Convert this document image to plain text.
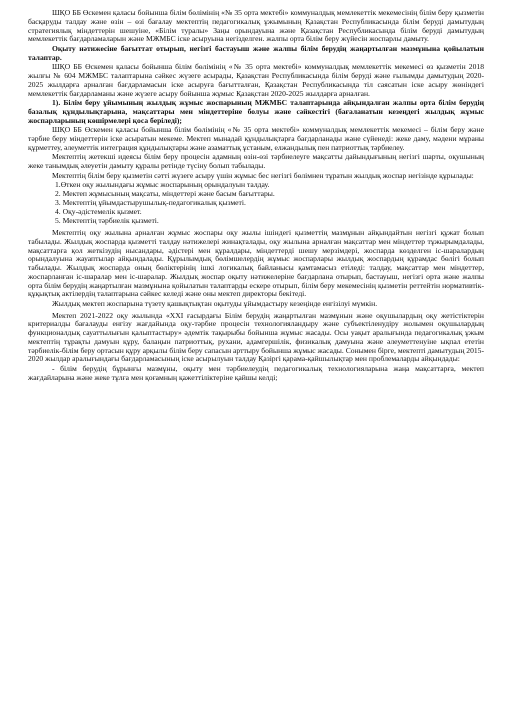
ШҚО ББ Өскемен қаласы бойынша білім бөлімінің «№ 35 орта мектебі» коммуналдық мемлекеттік мекемесінің білім беру қызметін басқаруды талдау және өзін – өзі бағалау мектептің педагогикалық ұжымының Қазақстан Республикасында білім беруді дамытудың стратегиялық міндеттерін шешуіне, «Білім туралы» Заңы орындауына және Қазақстан Республикасында білім беруді дамытудың мемлекеттік бағдарламаларын және МЖМБС іске асыруына негізделген. жалпы орта білім беру жүйесін жоспарлы дамыту.

Оқыту нәтижесіне бағыттат отырып, негізгі бастауыш және жалпы білім берудің жаңартылған мазмұнына қойылатын талаптар.

ШҚО ББ Өскемен қаласы бойынша білім бөлімінің «№ 35 орта мектебі» коммуналдық мемлекеттік мекемесі өз қызметін 2018 жылғы № 604 МЖМБС талаптарына сәйкес жүзеге асырады, Қазақстан Республикасында білім беруді және ғылымды дамытудың 2020-2025 жылдарға арналған бағдарламасын іске асыруға бағытталған, Қазақстан Республикасында тіл саясатын іске асыру жөніндегі мемлекеттік бағдарламаны және жүзеге асыру бойынша жұмыс Қазақстан 2020-2025 жылдарға арналған.

1). Білім беру ұйымының жылдық жұмыс жоспарының МЖМБС талаптарында айқындалған жалпы орта білім берудің базалық құндылықтарына, мақсаттары мен міндеттеріне болуы және сәйкестігі (бағаланатын кезеңдегі жылдық жұмыс жоспарларының көшірмелері қоса беріледі);

ШҚО ББ Өскемен қаласы бойынша білім бөлімінің «№ 35 орта мектебі» коммуналдық мемлекеттік мекемесі – білім беру және тәрбие беру міндеттерін іске асыратын мекеме. Мектеп мынадай құндылықтарға бағдарланады және сүйенеді: жеке даму, мәдени мұраны құрметтеу, әлеуметтік интеграция құндылықтары және азаматтық ұстаным, елжандылық пен патриоттық тәрбиелеу.

Мектептің жетекші идеясы білім беру процесін адамның өзін-өзі тәрбиелеуге мақсатты дайындығының негізгі шарты, оқушының жеке танымдық әлеуетін дамыту құралы ретінде түсіну болып табылады.

Мектептің білім беру қызметін сәтті жүзеге асыру үшін жұмыс бес негізгі бөлімнен тұратын жылдық жоспар негізінде құрылады:

1.Өткен оқу жылындағы жұмыс жоспарының орындалуын талдау.

2. Мектеп жұмысының мақсаты, міндеттері және басым бағыттары.

3. Мектептің ұйымдастырушылық-педагогикалық қызметі.

4. Оқу-әдістемелік қызмет.

5. Мектептің тәрбиелік қызметі.

Мектептің оқу жылына арналған жұмыс жоспары оқу жылы ішіндегі қызметтің мазмұнын айқындайтын негізгі құжат болып табылады. Жылдық жоспарда қызметті талдау нәтижелері жинақталады, оқу жылына арналған мақсаттар мен міндеттер тұжырымдалады, мақсаттарға қол жеткізудің нысандары, әдістері мен құралдары, міндеттерді шешу мерзімдері, жоспарда көзделген іс-шаралардың орындалуына жауаптылар айқындалады. Құрылымдық бөлімшелердің жұмыс жоспарлары жылдық жоспардың құрамдас бөлігі болып табылады. Жылдық жоспарда оның бөліктерінің ішкі логикалық байланысы қамтамасыз етіледі: талдау, мақсаттар мен міндеттер, жоспарланған іс-шаралар мен іс-шаралар. Жылдық жоспар оқыту нәтижелеріне бағдарлана отырып, бастауыш, негізгі орта және жалпы орта білім берудің жаңартылған мазмұнына қойылатын талаптарды ескере отырып, білім беру мекемесінің қызметін реттейтін нормативтік-құқықтық актілердің талаптарына сәйкес келеді және оны мектеп директоры бекітеді.

Жылдық мектеп жоспарына түзету қашықтықтан оқытуды ұйымдастыру кезеңінде енгізілуі мүмкін.

Мектеп 2021-2022 оқу жылында «XXI ғасырдағы Білім берудің жаңартылған мазмұнын және оқушылардың оқу жетістіктерін критериалды бағалауды енгізу жағдайында оқу-тәрбие процесін технологияландыру және субъектіленудіру жолымен оқушылардың функционалдық сауаттылығын қалыптастыру» әдемтік тақырыбы бойынша жұмыс жасады. Осы уақыт аралығында педагогикалық ұжым мектептің тұрақты дамуын құру, балаңын патриоттық, рухани, адамгершілік, физикалық дамуына және әлеуметтенуіне ықпал ететін тәрбиелік-білім беру ортасын құру арқылы білім беру сапасын арттыру бойынша жұмыс жасады. Сонымен бірге, мектепті дамытудың 2015-2020 жылдар аралығындағы бағдарламасының іске асырылуын талдау Қазіргі қарама-қайшылықтар мен проблемаларды айқындады:

- білім берудің бұрынғы мазмұны, оқыту мен тәрбиелеудің педагогикалық технологияларына жаңа мақсаттарға, мектеп жағдайларына және жеке тұлға мен қоғамның қажеттіліктеріне қайшы келді;
